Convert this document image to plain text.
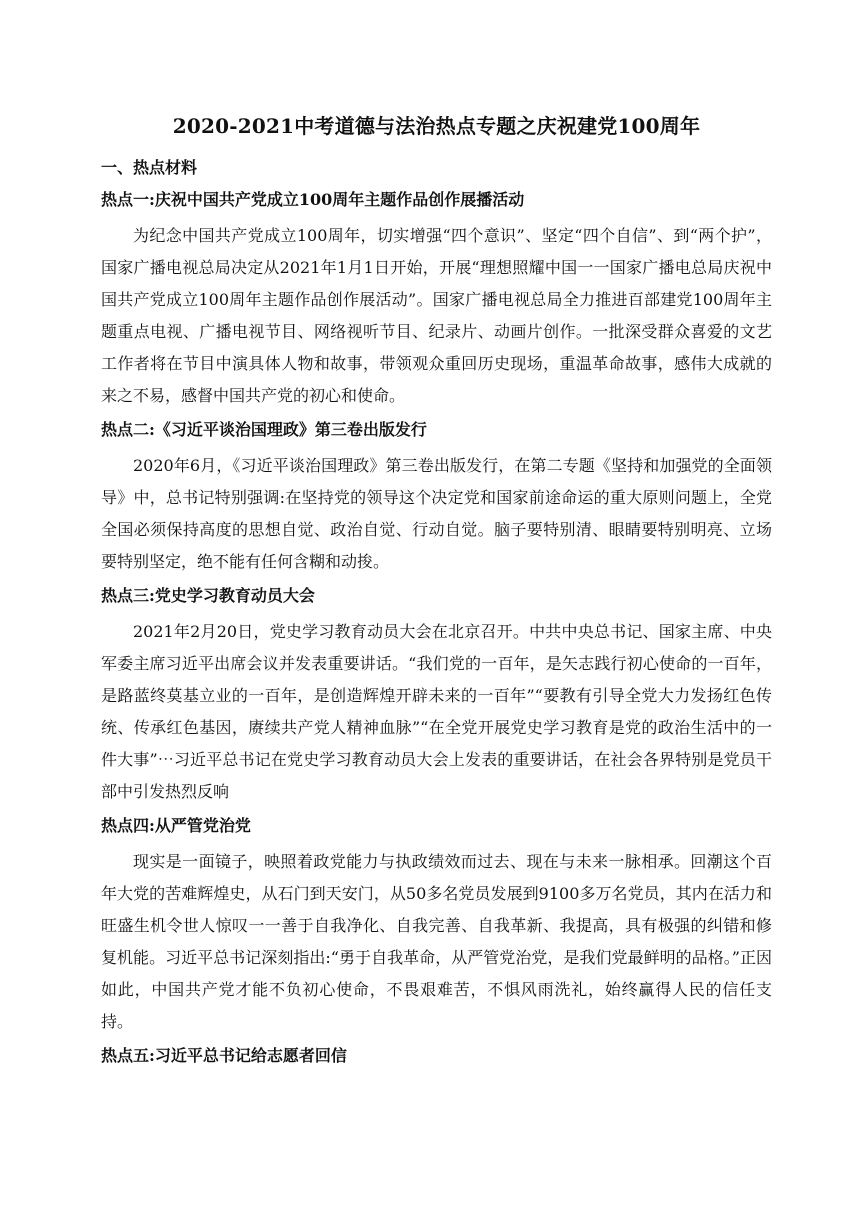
2020-2021中考道德与法治热点专题之庆祝建党100周年
一、热点材料
热点一:庆祝中国共产党成立100周年主题作品创作展播活动

为纪念中国共产党成立100周年，切实增强“四个意识”、坚定“四个自信”、到“两个护”，国家广播电视总局决定从2021年1月1日开始，开展“理想照耀中国一一国家广播电总局庆祝中国共产党成立100周年主题作品创作展活动”。国家广播电视总局全力推进百部建党100周年主题重点电视、广播电视节目、网络视听节目、纪录片、动画片创作。一批深受群众喜爱的文艺工作者将在节目中演具体人物和故事，带领观众重回历史现场，重温革命故事，感伟大成就的来之不易，感督中国共产党的初心和使命。

热点二:《习近平谈治国理政》第三卷出版发行

2020年6月，《习近平谈治国理政》第三卷出版发行，在第二专题《坚持和加强党的全面领导》中，总书记特别强调:在坚持党的领导这个决定党和国家前途命运的重大原则问题上，全党全国必须保持高度的思想自觉、政治自觉、行动自觉。脑子要特别清、眼睛要特别明亮、立场要特别坚定，绝不能有任何含糊和动捘。

热点三:党史学习教育动员大会

2021年2月20日，党史学习教育动员大会在北京召开。中共中央总书记、国家主席、中央军委主席习近平出席会议并发表重要讲话。“我们党的一百年，是矢志践行初心使命的一百年，是路蓝终莫基立业的一百年，是创造辉煌开辟未来的一百年”“要教有引导全党大力发扬红色传统、传承红色基因，赓续共产党人精神血脉”“在全党开展党史学习教育是党的政治生活中的一件大事”⋯习近平总书记在党史学习教育动员大会上发表的重要讲话，在社会各界特别是党员干部中引发热烈反响

热点四:从严管党治党

现实是一面镜子，映照着政党能力与执政绩效而过去、现在与未来一脉相承。回潮这个百年大党的苦难辉煌史，从石门到天安门，从50多名党员发展到9100多万名党员，其内在活力和旺盛生机令世人惊叹一一善于自我净化、自我完善、自我革新、我提高，具有极强的纠错和修复机能。习近平总书记深刻指出:“勇于自我革命，从严管党治党，是我们党最鲜明的品格。”正因如此，中国共产党才能不负初心使命，不畏艰难苦，不惧风雨洗礼，始终赢得人民的信任支持。

热点五:习近平总书记给志愿者回信
